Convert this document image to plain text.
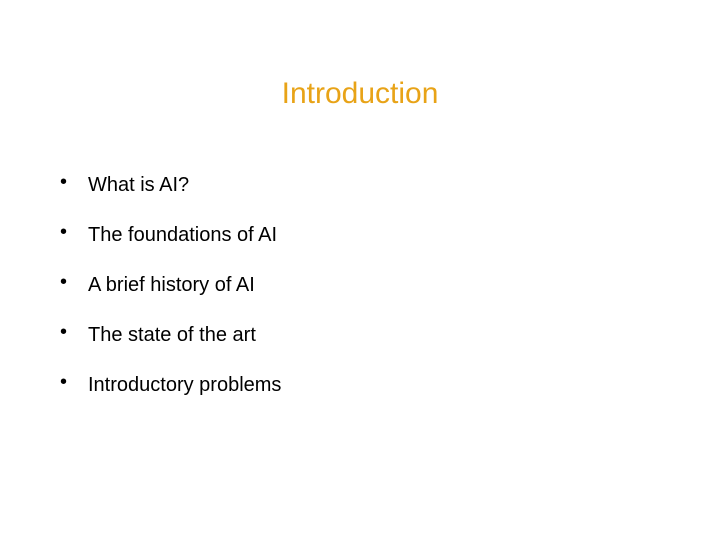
Introduction
•	What is AI?
•	The foundations of AI
•	A brief history of AI
•	The state of the art
•	Introductory problems
